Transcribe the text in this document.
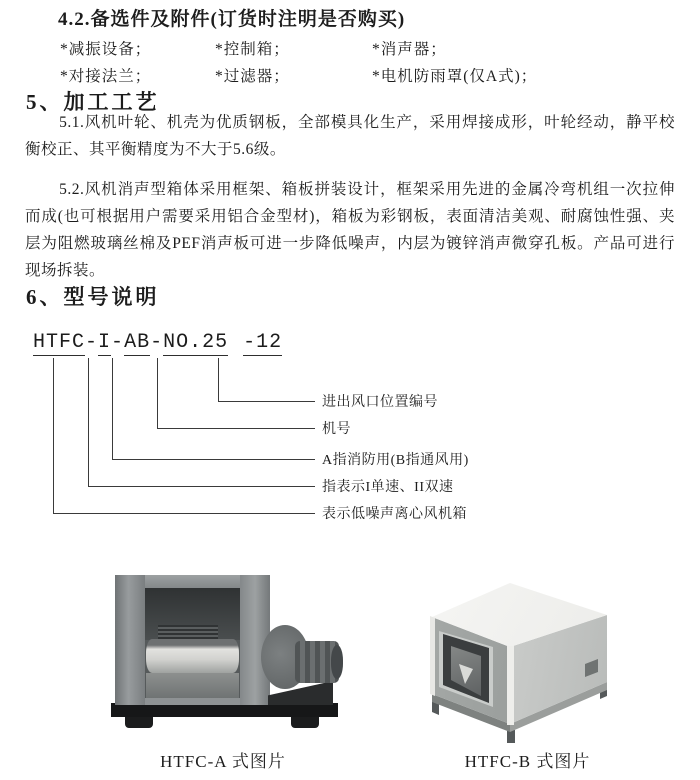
4.2.备选件及附件(订货时注明是否购买)
*减振设备；	*控制箱；	*消声器；
*对接法兰；	*过滤器；	*电机防雨罩(仅A式)；
5、加工工艺
5.1.风机叶轮、机壳为优质钢板，全部模具化生产，采用焊接成形，叶轮经动，静平校衡校正、其平衡精度为不大于5.6级。
5.2.风机消声型箱体采用框架、箱板拼装设计，框架采用先进的金属冷弯机组一次拉伸而成(也可根据用户需要采用铝合金型材)，箱板为彩钢板，表面清洁美观、耐腐蚀性强、夹层为阻燃玻璃丝棉及PEF消声板可进一步降低噪声，内层为镀锌消声微穿孔板。产品可进行现场拆装。
6、型号说明
HTFC-I-AB-NO.25 -12
进出风口位置编号
机号
A指消防用(B指通风用)
指表示I单速、II双速
表示低噪声离心风机箱
HTFC-A 式图片	HTFC-B 式图片
